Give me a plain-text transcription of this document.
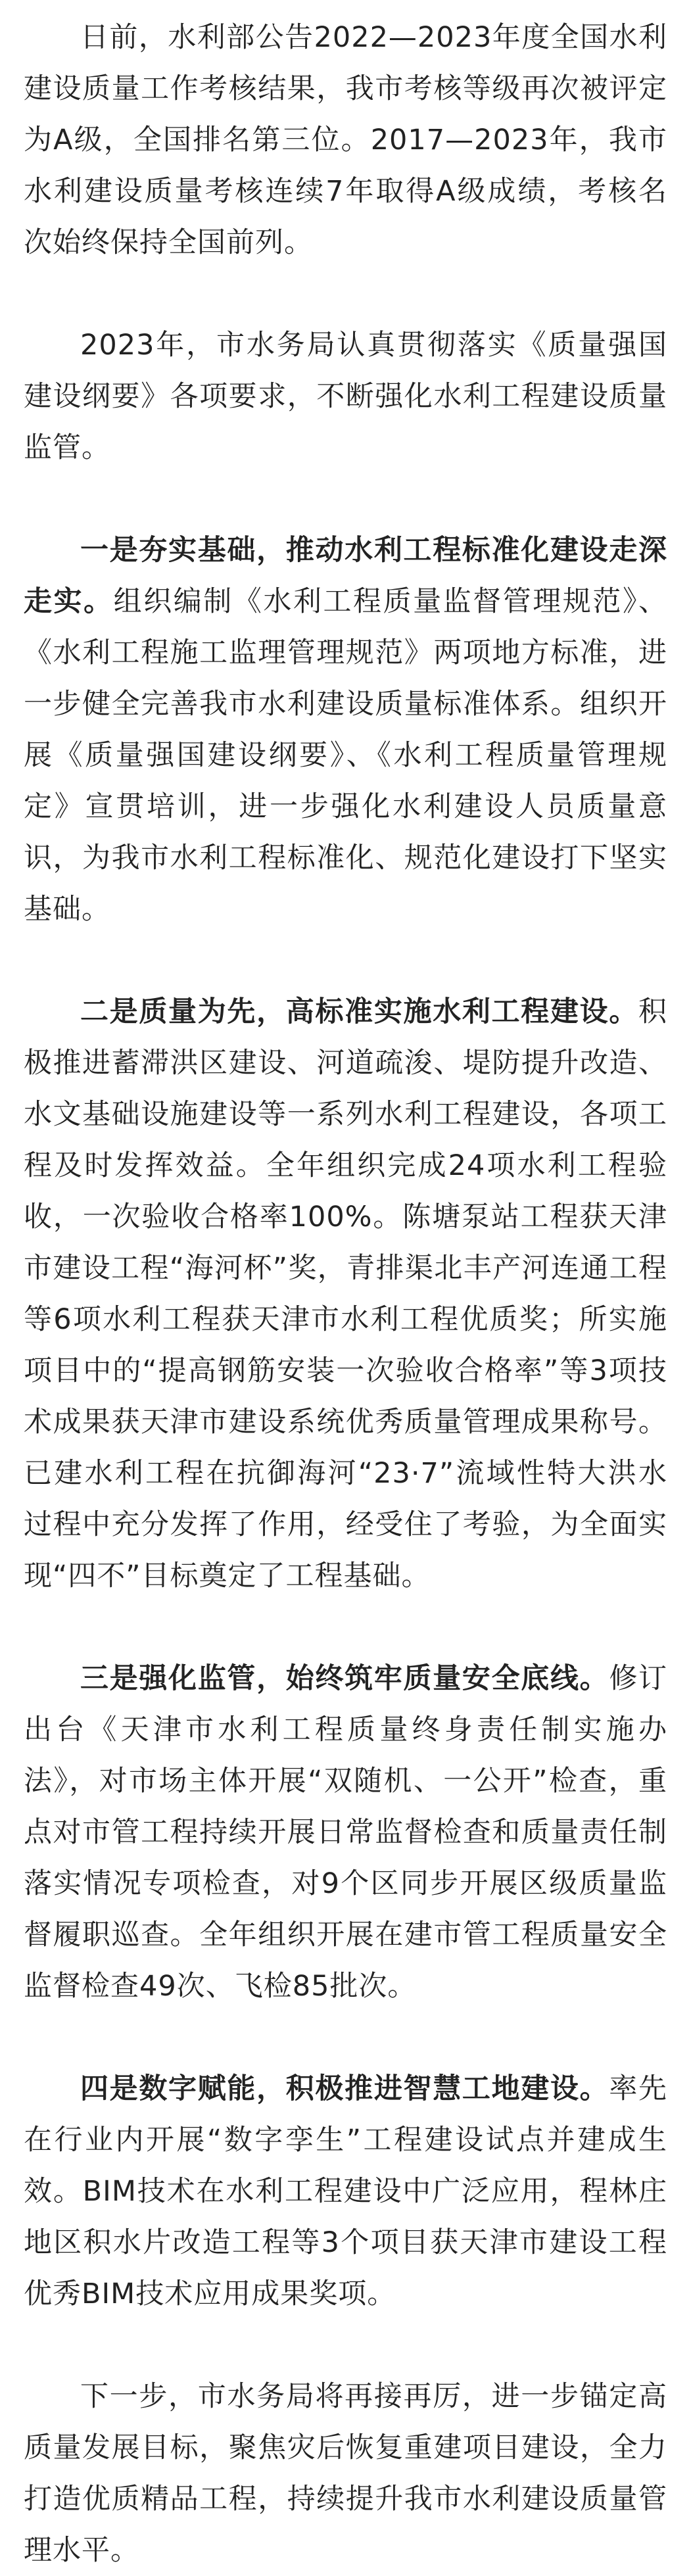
日前，水利部公告2022—2023年度全国水利建设质量工作考核结果，我市考核等级再次被评定为A级，全国排名第三位。2017—2023年，我市水利建设质量考核连续7年取得A级成绩，考核名次始终保持全国前列。

2023年，市水务局认真贯彻落实《质量强国建设纲要》各项要求，不断强化水利工程建设质量监管。

一是夯实基础，推动水利工程标准化建设走深走实。组织编制《水利工程质量监督管理规范》、《水利工程施工监理管理规范》两项地方标准，进一步健全完善我市水利建设质量标准体系。组织开展《质量强国建设纲要》、《水利工程质量管理规定》宣贯培训，进一步强化水利建设人员质量意识，为我市水利工程标准化、规范化建设打下坚实基础。

二是质量为先，高标准实施水利工程建设。积极推进蓄滞洪区建设、河道疏浚、堤防提升改造、水文基础设施建设等一系列水利工程建设，各项工程及时发挥效益。全年组织完成24项水利工程验收，一次验收合格率100%。陈塘泵站工程获天津市建设工程“海河杯”奖，青排渠北丰产河连通工程等6项水利工程获天津市水利工程优质奖；所实施项目中的“提高钢筋安装一次验收合格率”等3项技术成果获天津市建设系统优秀质量管理成果称号。已建水利工程在抗御海河“23·7”流域性特大洪水过程中充分发挥了作用，经受住了考验，为全面实现“四不”目标奠定了工程基础。

三是强化监管，始终筑牢质量安全底线。修订出台《天津市水利工程质量终身责任制实施办法》，对市场主体开展“双随机、一公开”检查，重点对市管工程持续开展日常监督检查和质量责任制落实情况专项检查，对9个区同步开展区级质量监督履职巡查。全年组织开展在建市管工程质量安全监督检查49次、飞检85批次。

四是数字赋能，积极推进智慧工地建设。率先在行业内开展“数字孪生”工程建设试点并建成生效。BIM技术在水利工程建设中广泛应用，程林庄地区积水片改造工程等3个项目获天津市建设工程优秀BIM技术应用成果奖项。

下一步，市水务局将再接再厉，进一步锚定高质量发展目标，聚焦灾后恢复重建项目建设，全力打造优质精品工程，持续提升我市水利建设质量管理水平。
